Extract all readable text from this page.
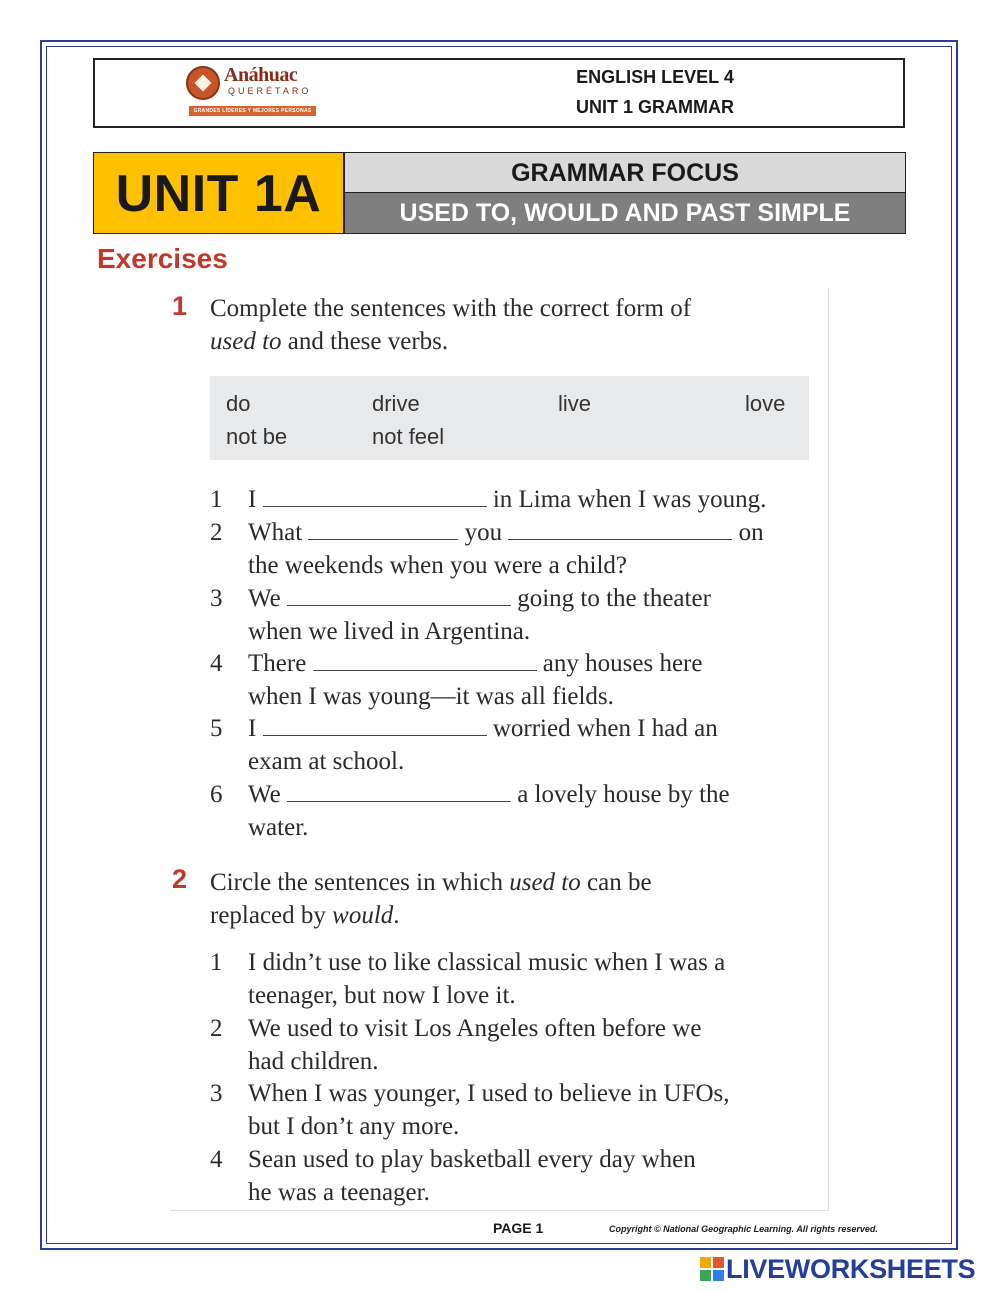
Anáhuac
QUERÉTARO
GRANDES LÍDERES Y MEJORES PERSONAS
ENGLISH LEVEL 4
UNIT 1 GRAMMAR
UNIT 1A	GRAMMAR FOCUS
USED TO, WOULD AND PAST SIMPLE
Exercises
1 Complete the sentences with the correct form of
used to and these verbs.
do	drive	live	love
not be	not feel
1 I	in Lima when I was young.
2 What	you	on
the weekends when you were a child?
3 We	going to the theater
when we lived in Argentina.
4 There	any houses here
when I was young—it was all fields.
5 I	worried when I had an
exam at school.
6 We	a lovely house by the
water.
2 Circle the sentences in which used to can be
replaced by would.
1 I didn’t use to like classical music when I was a
teenager, but now I love it.
2 We used to visit Los Angeles often before we
had children.
3 When I was younger, I used to believe in UFOs,
but I don’t any more.
4 Sean used to play basketball every day when
he was a teenager.
PAGE 1	Copyright © National Geographic Learning. All rights reserved.
LIVEWORKSHEETS
